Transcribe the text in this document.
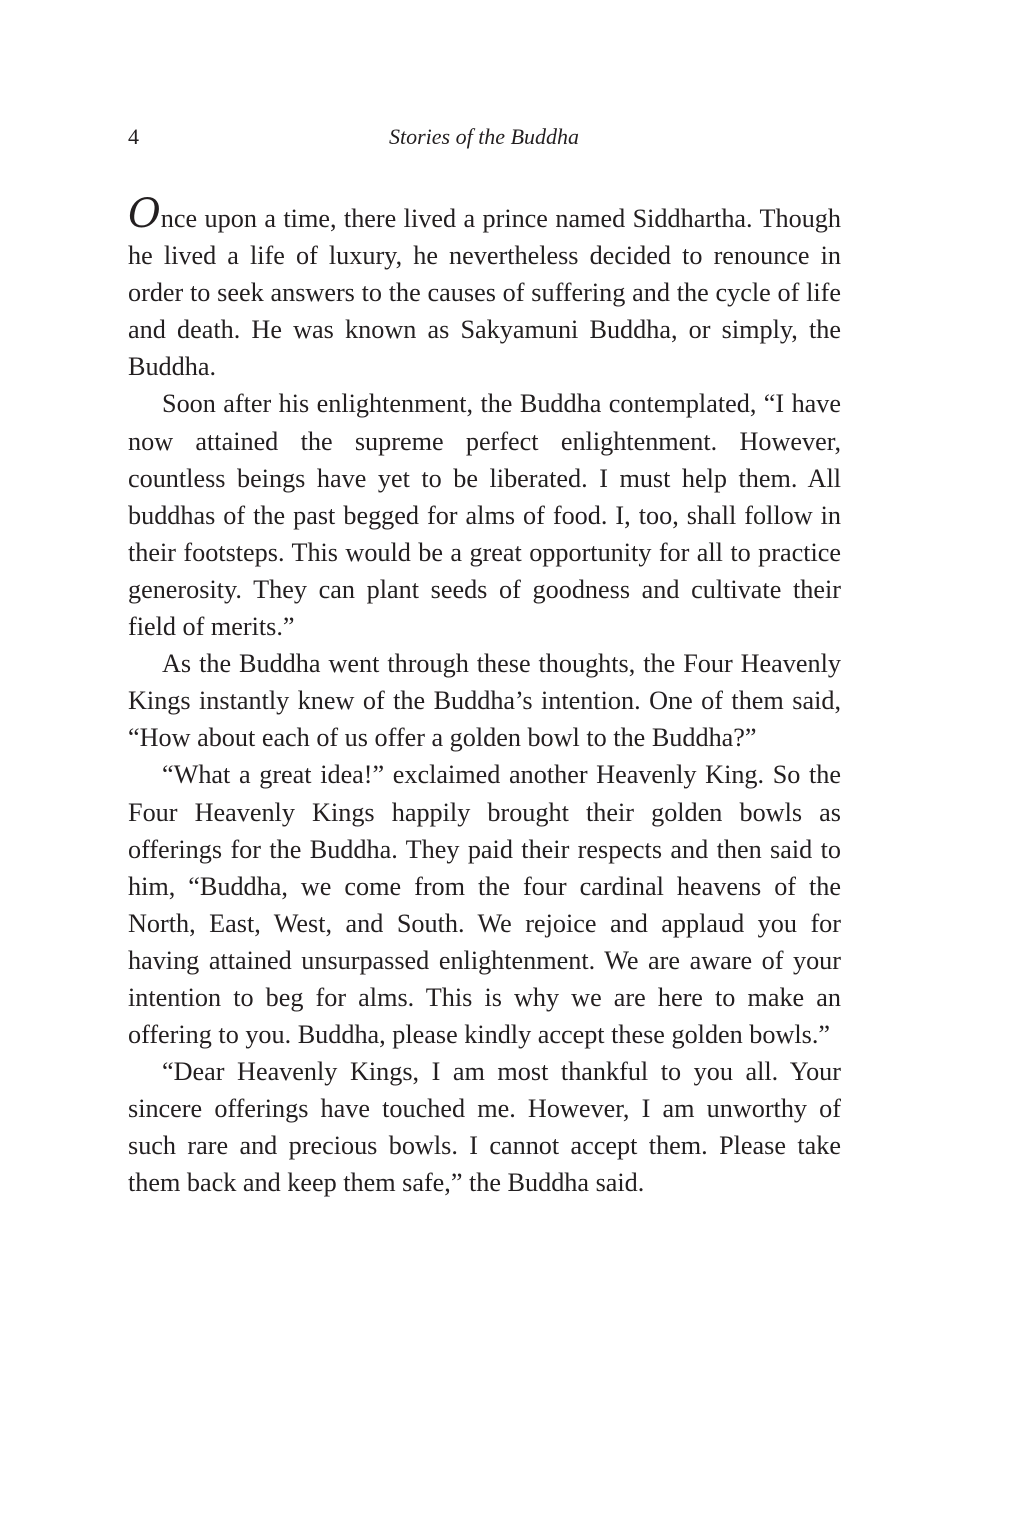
4	Stories of the Buddha

Once upon a time, there lived a prince named Siddhartha. Though he lived a life of luxury, he nevertheless decided to renounce in order to seek answers to the causes of suffering and the cycle of life and death. He was known as Sakyamuni Buddha, or simply, the Buddha.

Soon after his enlightenment, the Buddha contemplated, “I have now attained the supreme perfect enlightenment. However, countless beings have yet to be liberated. I must help them. All buddhas of the past begged for alms of food. I, too, shall follow in their footsteps. This would be a great opportunity for all to practice generosity. They can plant seeds of goodness and cultivate their field of merits.”

As the Buddha went through these thoughts, the Four Heavenly Kings instantly knew of the Buddha’s intention. One of them said, “How about each of us offer a golden bowl to the Buddha?”

“What a great idea!” exclaimed another Heavenly King. So the Four Heavenly Kings happily brought their golden bowls as offerings for the Buddha. They paid their respects and then said to him, “Buddha, we come from the four cardinal heavens of the North, East, West, and South. We rejoice and applaud you for having attained unsurpassed enlightenment. We are aware of your intention to beg for alms. This is why we are here to make an offering to you. Buddha, please kindly accept these golden bowls.”

“Dear Heavenly Kings, I am most thankful to you all. Your sincere offerings have touched me. However, I am unworthy of such rare and precious bowls. I cannot accept them. Please take them back and keep them safe,” the Buddha said.
